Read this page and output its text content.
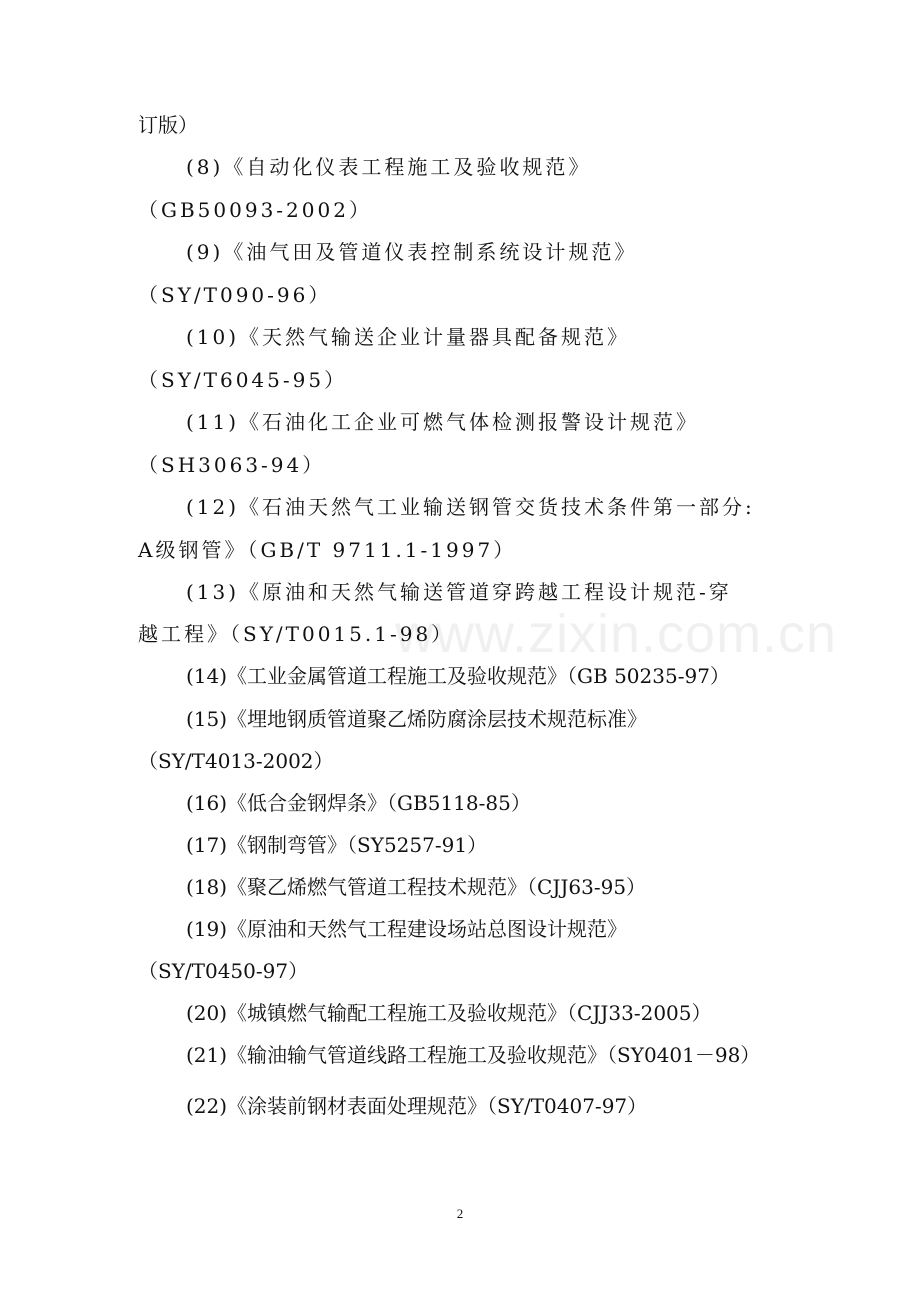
订版）
(8)《自动化仪表工程施工及验收规范》
（GB50093-2002）
(9)《油气田及管道仪表控制系统设计规范》
（SY/T090-96）
(10)《天然气输送企业计量器具配备规范》
（SY/T6045-95）
(11)《石油化工企业可燃气体检测报警设计规范》
（SH3063-94）
(12)《石油天然气工业输送钢管交货技术条件第一部分:
A级钢管》（GB/T 9711.1-1997）
(13)《原油和天然气输送管道穿跨越工程设计规范-穿
越工程》（SY/T0015.1-98）
(14)《工业金属管道工程施工及验收规范》（GB 50235-97）
(15)《埋地钢质管道聚乙烯防腐涂层技术规范标准》
（SY/T4013-2002）
(16)《低合金钢焊条》（GB5118-85）
(17)《钢制弯管》（SY5257-91）
(18)《聚乙烯燃气管道工程技术规范》（CJJ63-95）
(19)《原油和天然气工程建设场站总图设计规范》
（SY/T0450-97）
(20)《城镇燃气输配工程施工及验收规范》（CJJ33-2005）
(21)《输油输气管道线路工程施工及验收规范》（SY0401－98）
(22)《涂装前钢材表面处理规范》（SY/T0407-97）
www.zixin.com.cn
2
